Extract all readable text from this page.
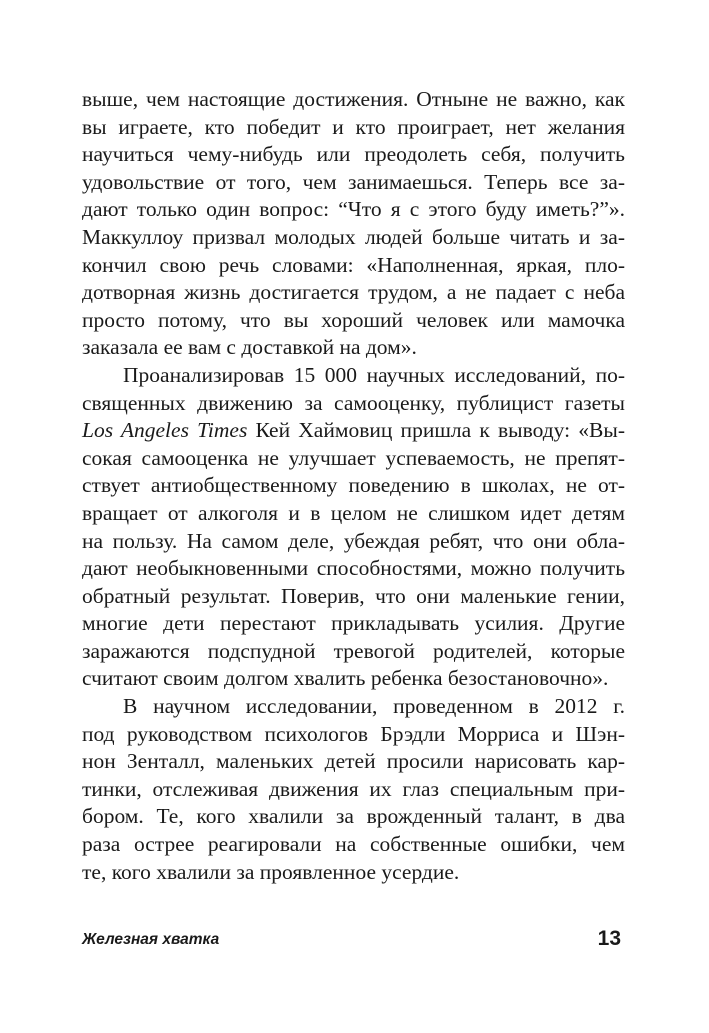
выше, чем настоящие достижения. Отныне не важно, как
вы играете, кто победит и кто проиграет, нет желания
научиться чему-нибудь или преодолеть себя, получить
удовольствие от того, чем занимаешься. Теперь все за-
дают только один вопрос: “Что я с этого буду иметь?”».
Маккуллоу призвал молодых людей больше читать и за-
кончил свою речь словами: «Наполненная, яркая, пло-
дотворная жизнь достигается трудом, а не падает с неба
просто потому, что вы хороший человек или мамочка
заказала ее вам с доставкой на дом».
Проанализировав 15 000 научных исследований, по-
священных движению за самооценку, публицист газеты
Los Angeles Times Кей Хаймовиц пришла к выводу: «Вы-
сокая самооценка не улучшает успеваемость, не препят-
ствует антиобщественному поведению в школах, не от-
вращает от алкоголя и в целом не слишком идет детям
на пользу. На самом деле, убеждая ребят, что они обла-
дают необыкновенными способностями, можно получить
обратный результат. Поверив, что они маленькие гении,
многие дети перестают прикладывать усилия. Другие
заражаются подспудной тревогой родителей, которые
считают своим долгом хвалить ребенка безостановочно».
В научном исследовании, проведенном в 2012 г.
под руководством психологов Брэдли Морриса и Шэн-
нон Зенталл, маленьких детей просили нарисовать кар-
тинки, отслеживая движения их глаз специальным при-
бором. Те, кого хвалили за врожденный талант, в два
раза острее реагировали на собственные ошибки, чем
те, кого хвалили за проявленное усердие.
Железная хватка	13
